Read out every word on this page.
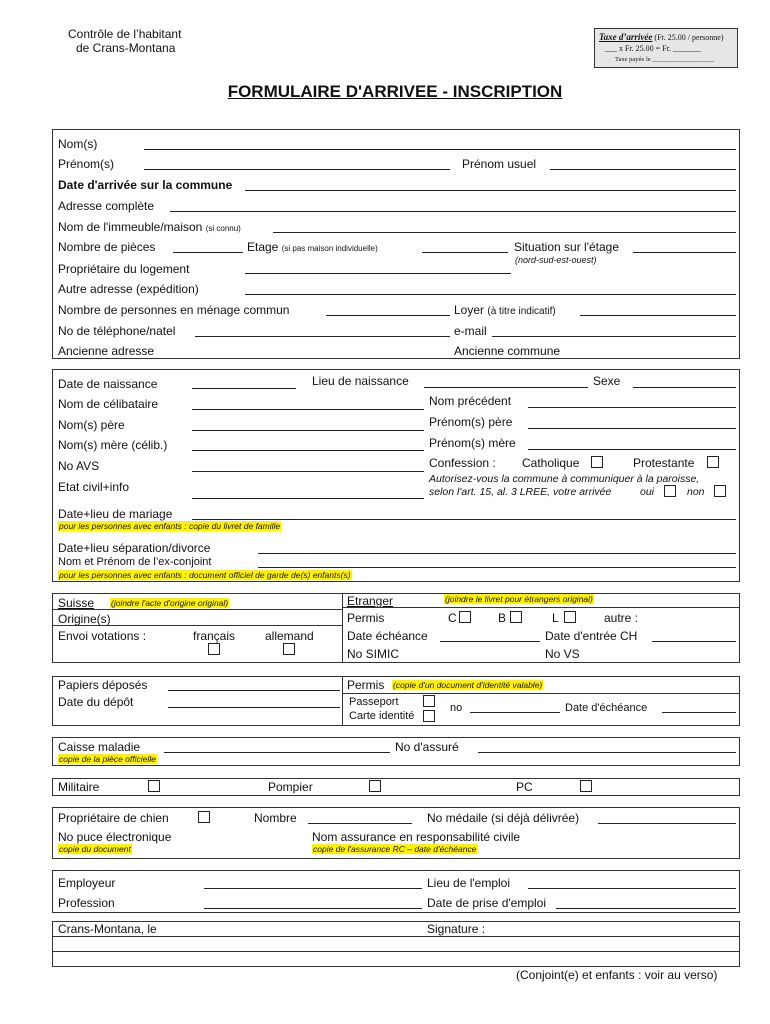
Contrôle de l’habitant
de Crans-Montana
Taxe d’arrivée (Fr. 25.00 / personne)
___ x Fr. 25.00 = Fr. _______
Taxe payée le ___________________
FORMULAIRE D'ARRIVEE - INSCRIPTION
Nom(s)
Prénom(s)	Prénom usuel
Date d'arrivée sur la commune
Adresse complète
Nom de l'immeuble/maison (si connu)
Nombre de pièces	Etage (si pas maison individuelle)	Situation sur l'étage
(nord-sud-est-ouest)
Propriétaire du logement
Autre adresse (expédition)
Nombre de personnes en ménage commun	Loyer (à titre indicatif)
No de téléphone/natel	e-mail
Ancienne adresse	Ancienne commune
Date de naissance	Lieu de naissance	Sexe
Nom de célibataire	Nom précédent
Nom(s) père	Prénom(s) père
Nom(s) mère (célib.)	Prénom(s) mère
No AVS	Confession : Catholique	Protestante
Etat civil+info
Autorisez-vous la commune à communiquer à la paroisse,
selon l'art. 15, al. 3 LREE, votre arrivée	oui	non
Date+lieu de mariage
pour les personnes avec enfants : copie du livret de famille
Date+lieu séparation/divorce
Nom et Prénom de l’ex-conjoint
pour les personnes avec enfants : document officiel de garde de(s) enfants(s)
Suisse (joindre l'acte d'origine original)
Origine(s)
Envoi votations :	français allemand
Etranger	(joindre le livret pour étrangers original)
Permis	C	B	L	autre :
Date échéance	Date d'entrée CH
No SIMIC	No VS
Papiers déposés
Date du dépôt
Permis (copie d'un document d'identité valable)
Passeport
Carte identité
no	Date d'échéance
Caisse maladie
copie de la pièce officielle
No d'assuré
Militaire	Pompier	PC
Propriétaire de chien	Nombre	No médaile (si déjà délivrée)
No puce électronique
copie du document
Nom assurance en responsabilité civile
copie de l'assurance RC – date d'échéance
Employeur	Lieu de l'emploi
Profession	Date de prise d'emploi
Crans-Montana, le	Signature :
(Conjoint(e) et enfants : voir au verso)
